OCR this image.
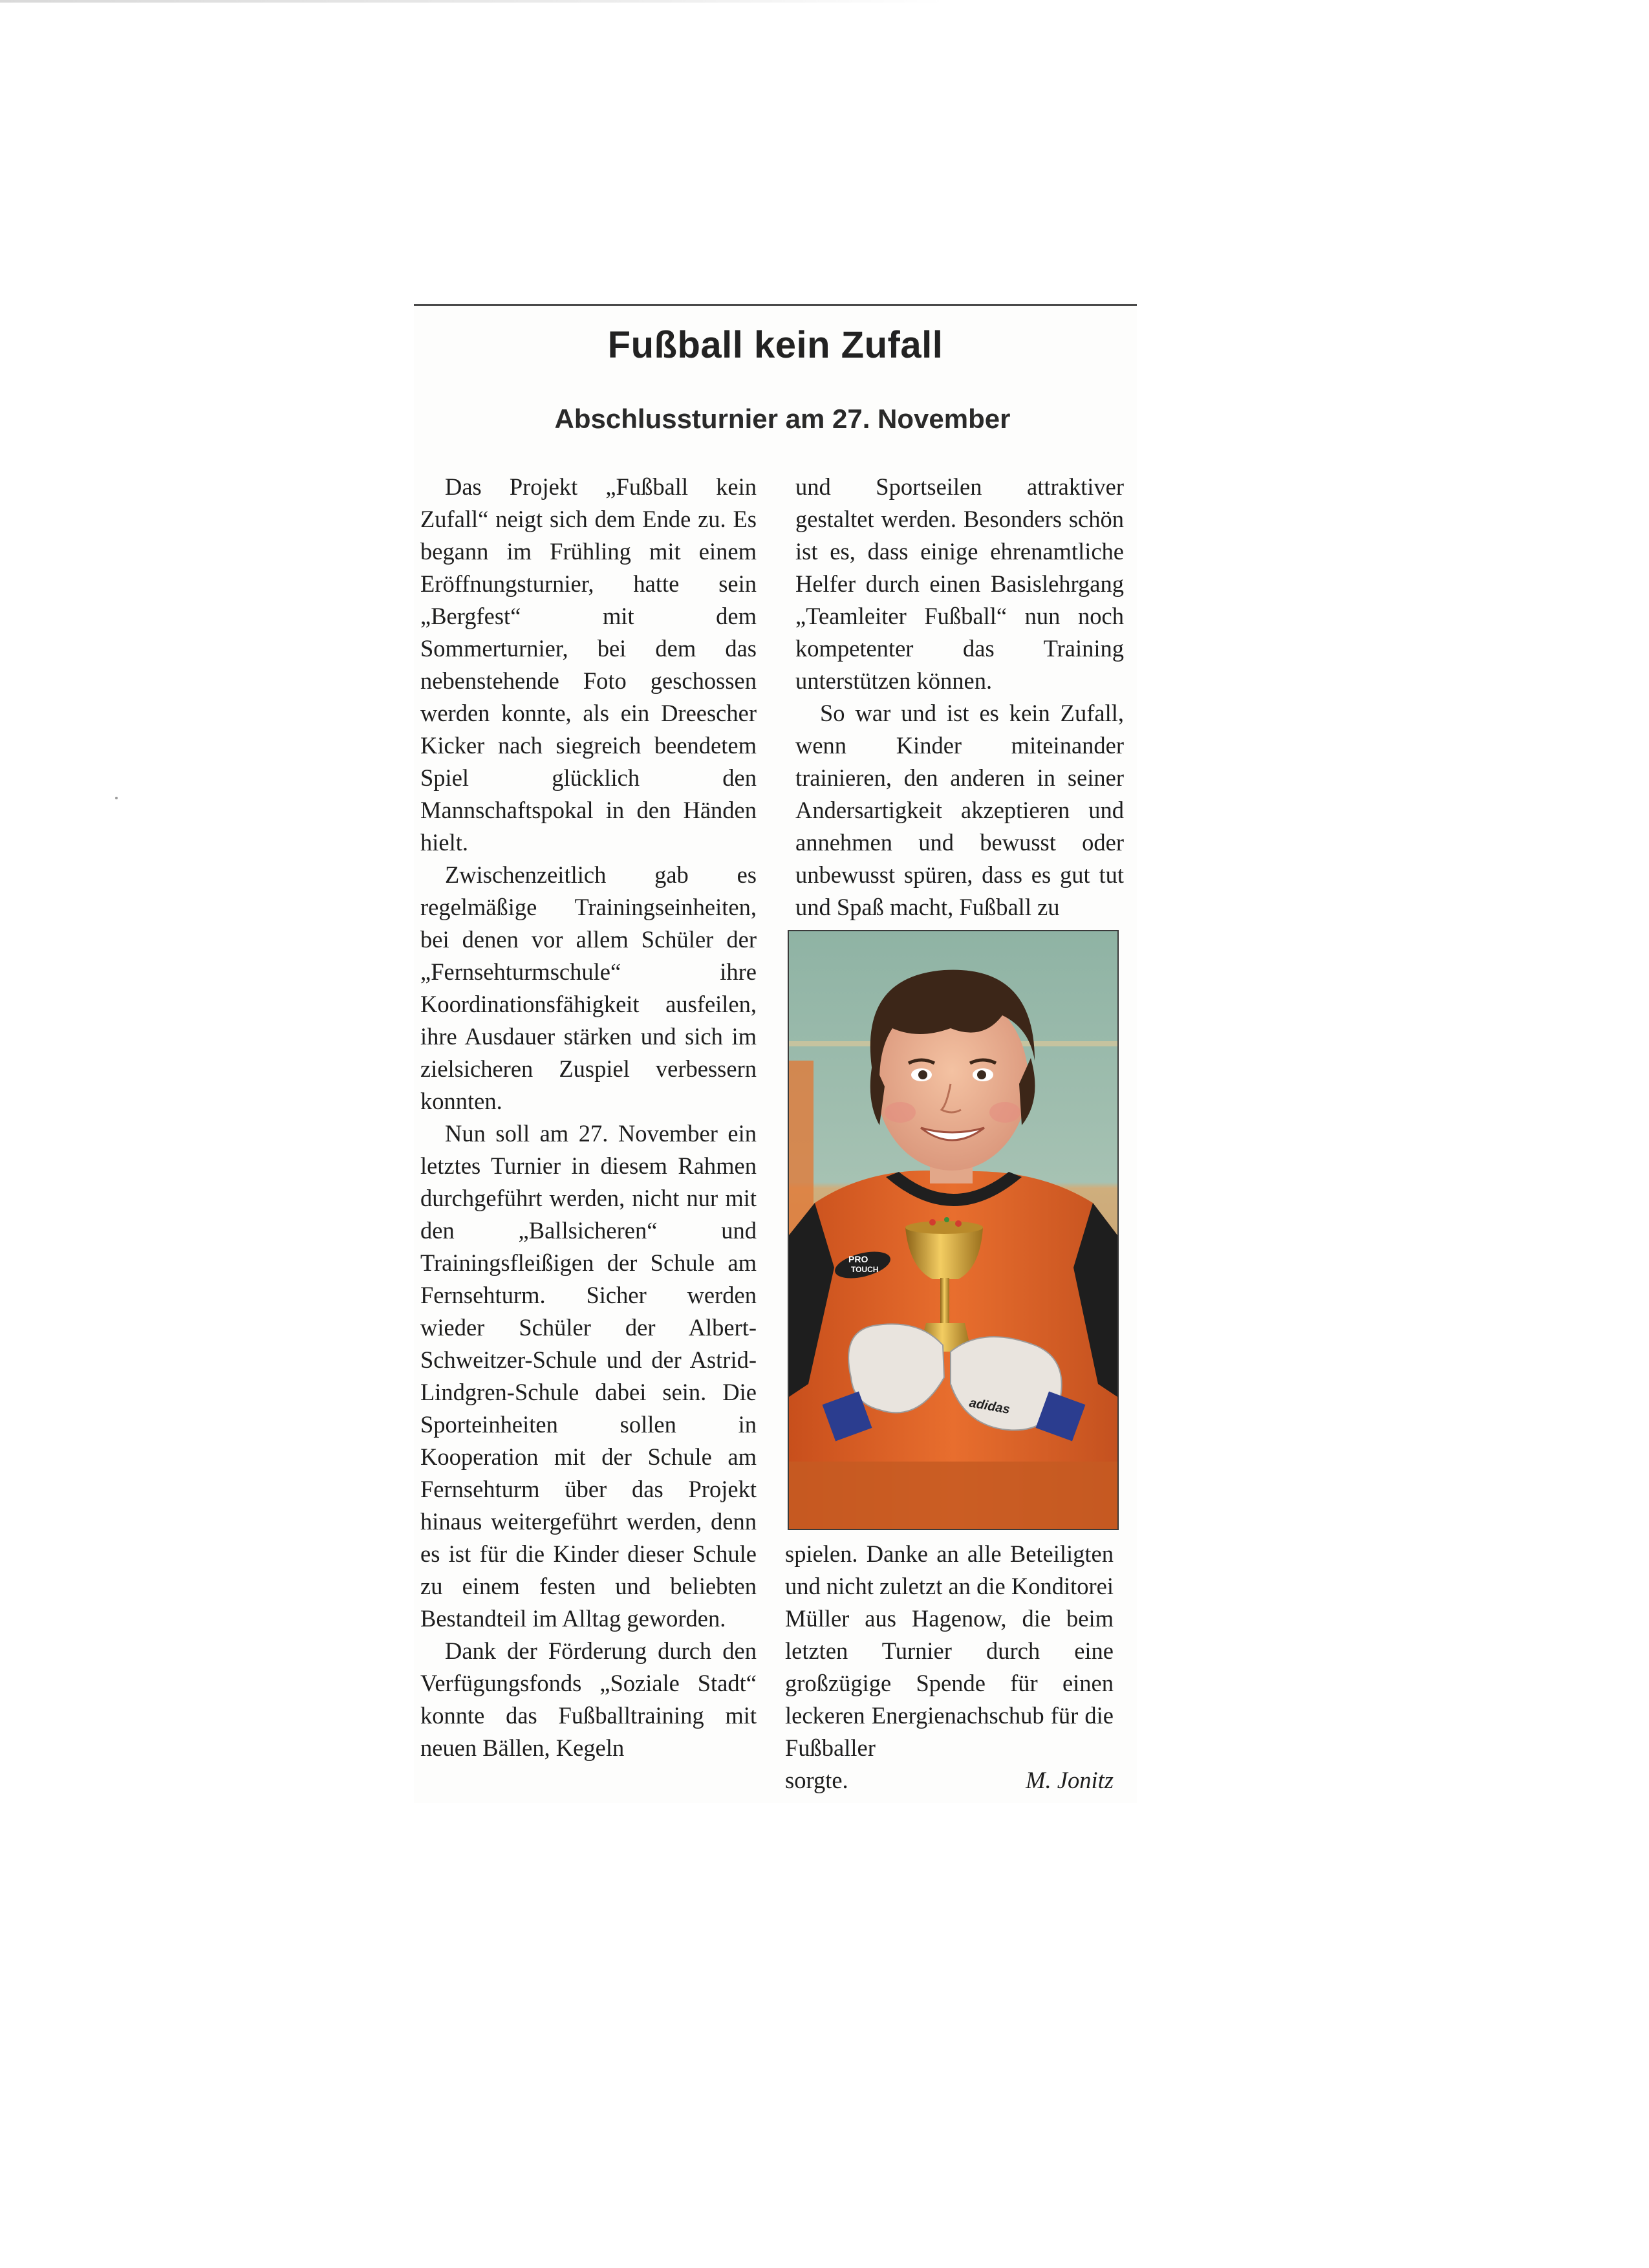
Fußball kein Zufall
Abschlussturnier am 27. November

Das Projekt „Fußball kein Zufall“ neigt sich dem Ende zu. Es begann im Frühling mit einem Eröffnungsturnier, hatte sein „Bergfest“ mit dem Sommerturnier, bei dem das nebenstehende Foto geschossen werden konnte, als ein Dreescher Kicker nach siegreich beendetem Spiel glücklich den Mannschaftspokal in den Händen hielt.

Zwischenzeitlich gab es regelmäßige Trainingseinheiten, bei denen vor allem Schüler der „Fernsehturmschule“ ihre Koordinationsfähigkeit ausfeilen, ihre Ausdauer stärken und sich im zielsicheren Zuspiel verbessern konnten.

Nun soll am 27. November ein letztes Turnier in diesem Rahmen durchgeführt werden, nicht nur mit den „Ballsicheren“ und Trainingsfleißigen der Schule am Fernsehturm. Sicher werden wieder Schüler der Albert-Schweitzer-Schule und der Astrid-Lindgren-Schule dabei sein. Die Sporteinheiten sollen in Kooperation mit der Schule am Fernsehturm über das Projekt hinaus weitergeführt werden, denn es ist für die Kinder dieser Schule zu einem festen und beliebten Bestandteil im Alltag geworden.

Dank der Förderung durch den Verfügungsfonds „Soziale Stadt“ konnte das Fußballtraining mit neuen Bällen, Kegeln

und Sportseilen attraktiver gestaltet werden. Besonders schön ist es, dass einige ehrenamtliche Helfer durch einen Basislehrgang „Teamleiter Fußball“ nun noch kompetenter das Training unterstützen können.

So war und ist es kein Zufall, wenn Kinder miteinander trainieren, den anderen in seiner Andersartigkeit akzeptieren und annehmen und bewusst oder unbewusst spüren, dass es gut tut und Spaß macht, Fußball zu

PRO
TOUCH
adidas

spielen. Danke an alle Beteiligten und nicht zuletzt an die Konditorei Müller aus Hagenow, die beim letzten Turnier durch eine großzügige Spende für einen leckeren Energienachschub für die Fußballer

sorgte.	M. Jonitz
